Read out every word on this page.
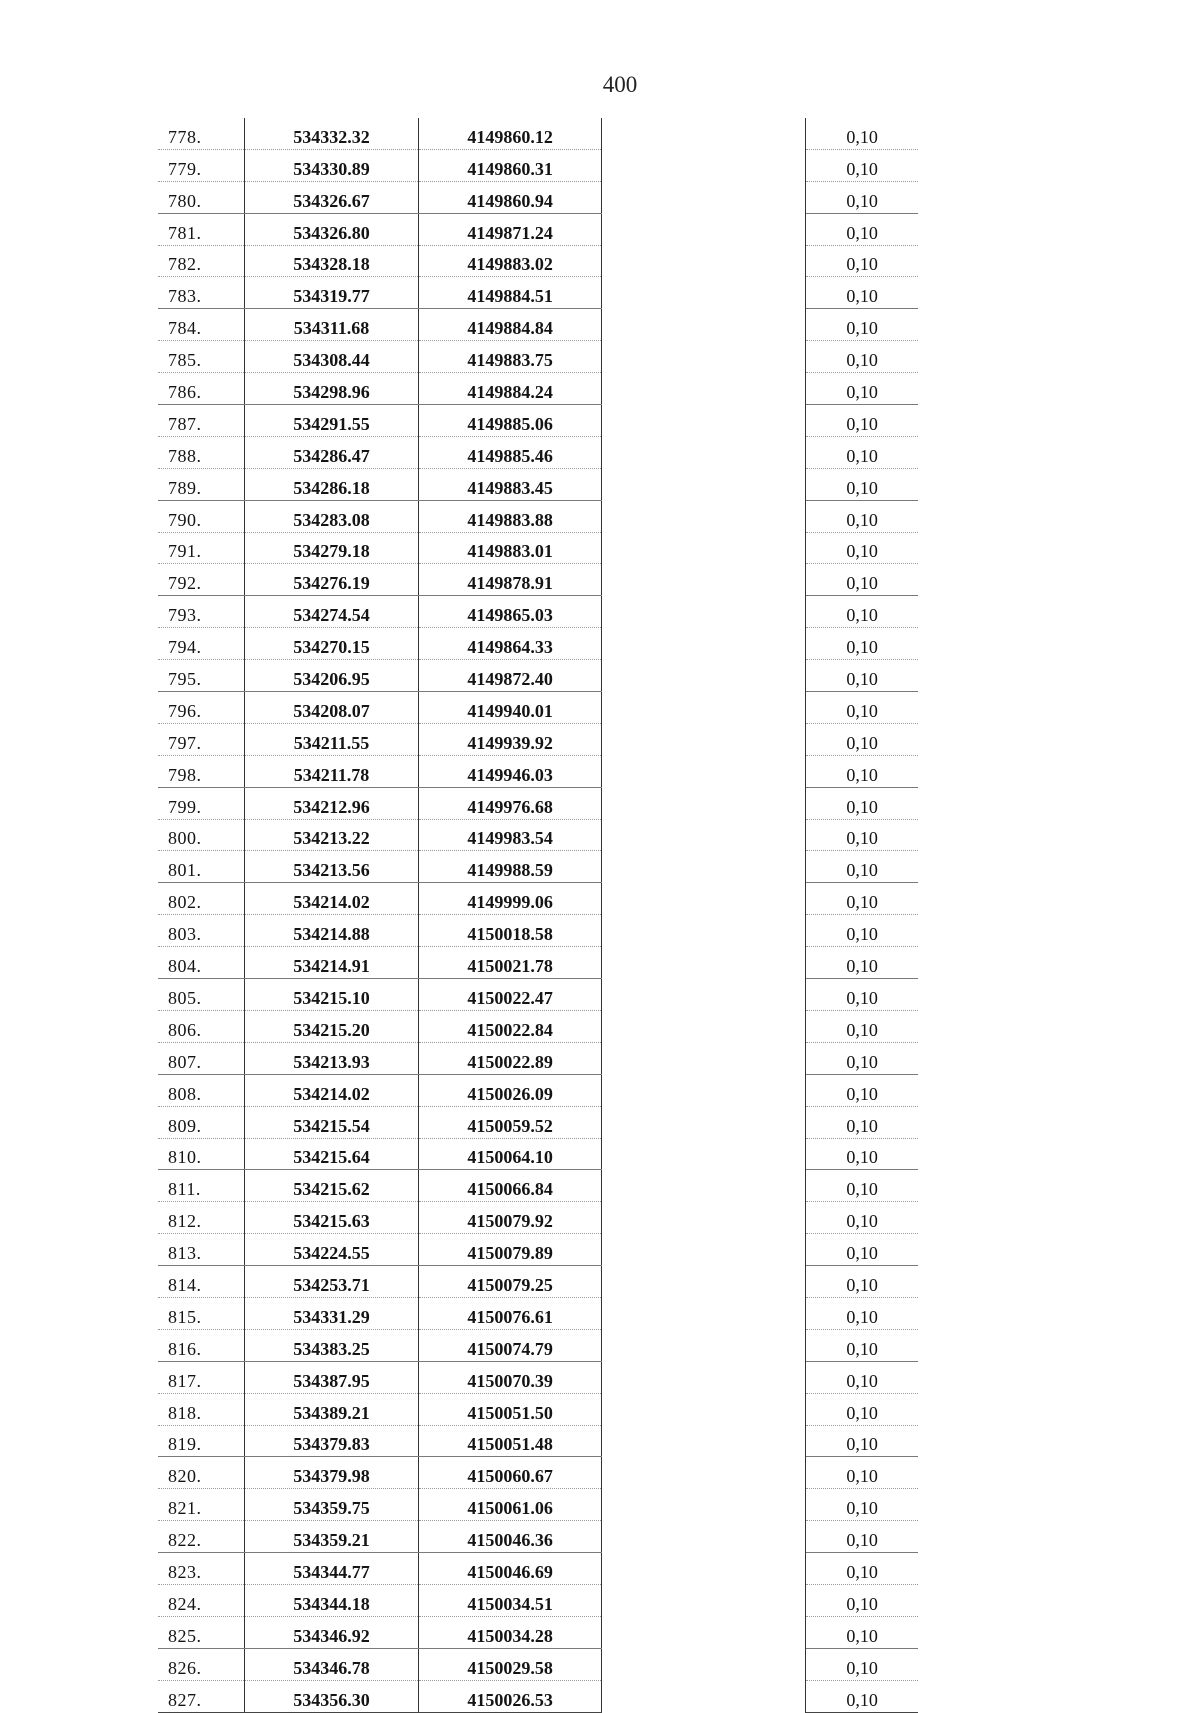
400
778.	534332.32	4149860.12		0,10
779.	534330.89	4149860.31		0,10
780.	534326.67	4149860.94		0,10
781.	534326.80	4149871.24		0,10
782.	534328.18	4149883.02		0,10
783.	534319.77	4149884.51		0,10
784.	534311.68	4149884.84		0,10
785.	534308.44	4149883.75		0,10
786.	534298.96	4149884.24		0,10
787.	534291.55	4149885.06		0,10
788.	534286.47	4149885.46		0,10
789.	534286.18	4149883.45		0,10
790.	534283.08	4149883.88		0,10
791.	534279.18	4149883.01		0,10
792.	534276.19	4149878.91		0,10
793.	534274.54	4149865.03		0,10
794.	534270.15	4149864.33		0,10
795.	534206.95	4149872.40		0,10
796.	534208.07	4149940.01		0,10
797.	534211.55	4149939.92		0,10
798.	534211.78	4149946.03		0,10
799.	534212.96	4149976.68		0,10
800.	534213.22	4149983.54		0,10
801.	534213.56	4149988.59		0,10
802.	534214.02	4149999.06		0,10
803.	534214.88	4150018.58		0,10
804.	534214.91	4150021.78		0,10
805.	534215.10	4150022.47		0,10
806.	534215.20	4150022.84		0,10
807.	534213.93	4150022.89		0,10
808.	534214.02	4150026.09		0,10
809.	534215.54	4150059.52		0,10
810.	534215.64	4150064.10		0,10
811.	534215.62	4150066.84		0,10
812.	534215.63	4150079.92		0,10
813.	534224.55	4150079.89		0,10
814.	534253.71	4150079.25		0,10
815.	534331.29	4150076.61		0,10
816.	534383.25	4150074.79		0,10
817.	534387.95	4150070.39		0,10
818.	534389.21	4150051.50		0,10
819.	534379.83	4150051.48		0,10
820.	534379.98	4150060.67		0,10
821.	534359.75	4150061.06		0,10
822.	534359.21	4150046.36		0,10
823.	534344.77	4150046.69		0,10
824.	534344.18	4150034.51		0,10
825.	534346.92	4150034.28		0,10
826.	534346.78	4150029.58		0,10
827.	534356.30	4150026.53		0,10
